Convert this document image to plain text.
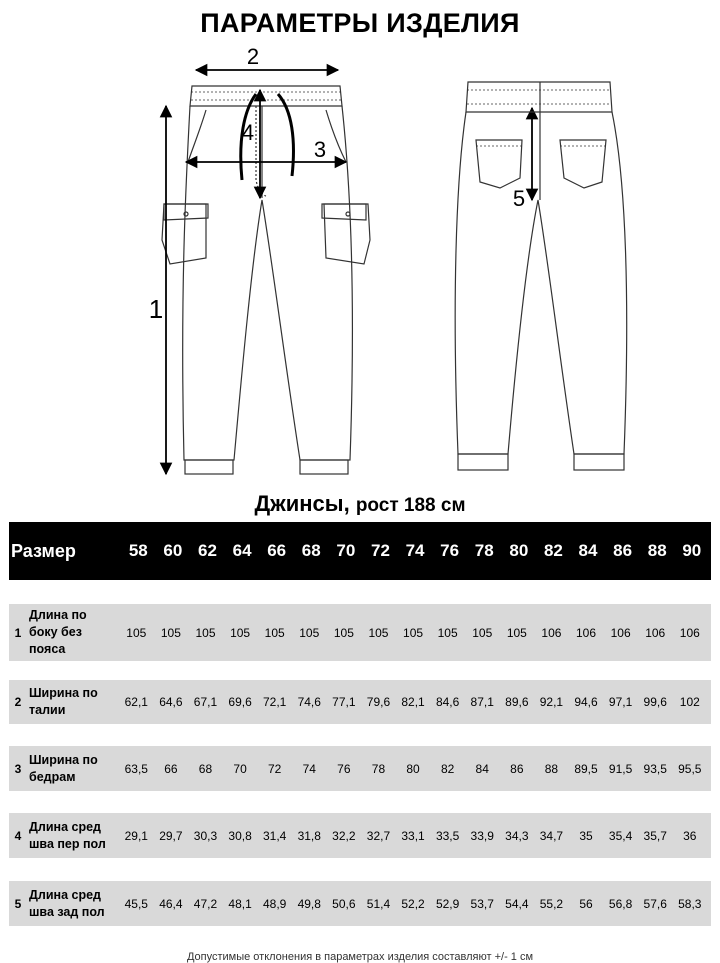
ПАРАМЕТРЫ ИЗДЕЛИЯ
2
3
4
1
5
Джинсы, рост 188 см
Размер	58 60 62 64 66 68 70 72 74 76 78 80 82 84 86 88 90
1
Длина по
боку без
пояса
105	105	105	105	105	105	105	105	105	105	105	105	106	106	106	106	106
2
Ширина по
талии
62,1 64,6 67,1 69,6 72,1 74,6 77,1 79,6 82,1 84,6 87,1 89,6 92,1 94,6 97,1 99,6	102
3
Ширина по
бедрам
63,5	66	68	70	72	74	76	78	80	82	84	86	88	89,5 91,5 93,5 95,5
4
Длина сред
шва пер пол
29,1 29,7 30,3 30,8 31,4 31,8 32,2 32,7 33,1 33,5 33,9 34,3 34,7	35	35,4 35,7	36
5
Длина сред
шва зад пол
45,5 46,4 47,2 48,1 48,9 49,8 50,6 51,4 52,2 52,9 53,7 54,4 55,2	56	56,8 57,6 58,3
Допустимые отклонения в параметрах изделия составляют +/- 1 см
